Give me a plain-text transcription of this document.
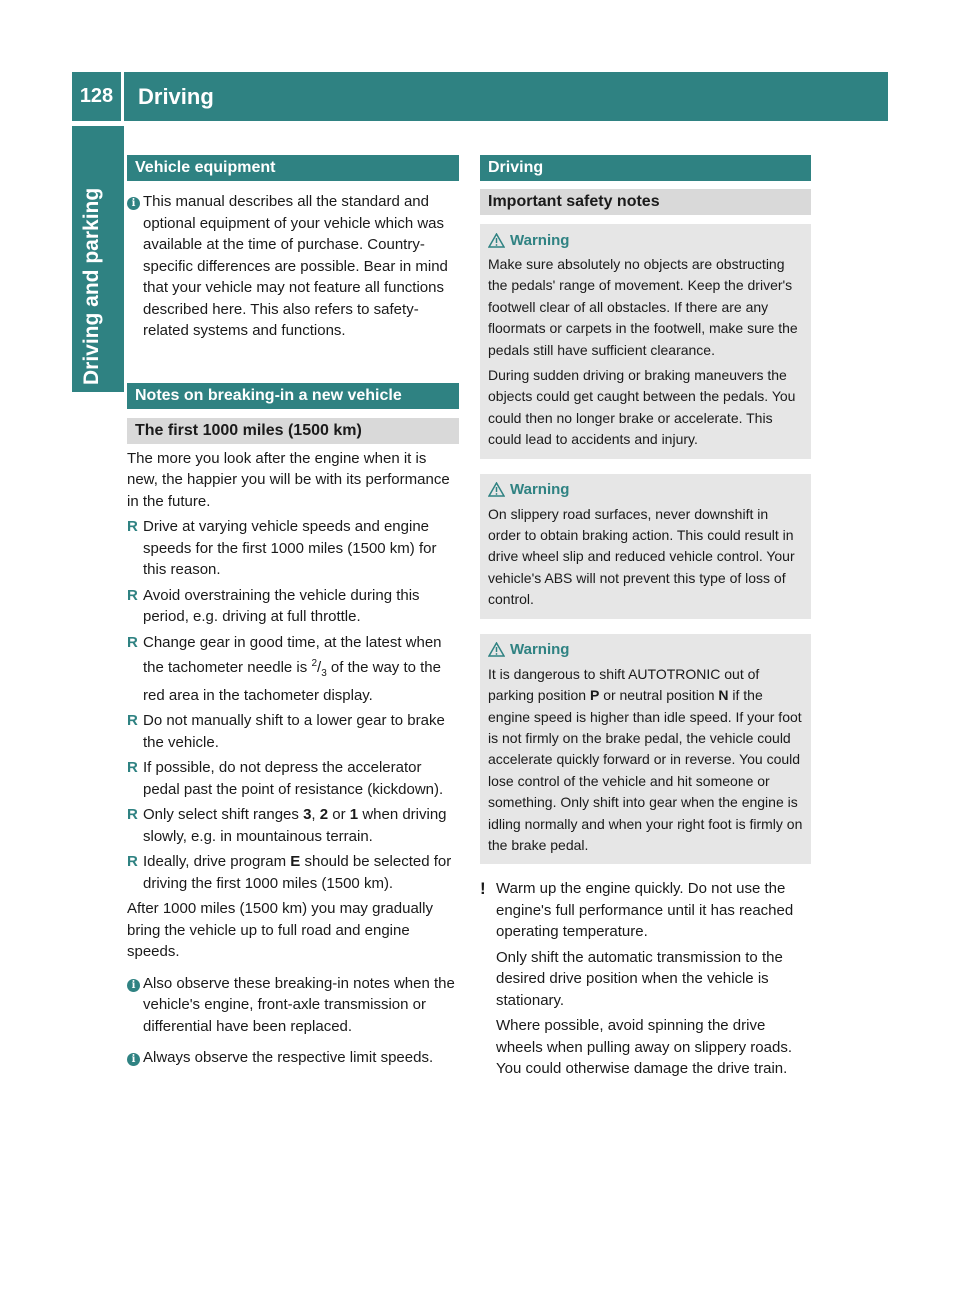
128	Driving
Driving and parking
Vehicle equipment
i This manual describes all the standard and optional equipment of your vehicle which was available at the time of purchase. Country-specific differences are possible. Bear in mind that your vehicle may not feature all functions described here. This also refers to safety-related systems and functions.
Notes on breaking-in a new vehicle
The first 1000 miles (1500 km)

The more you look after the engine when it is new, the happier you will be with its performance in the future.

R Drive at varying vehicle speeds and engine speeds for the first 1000 miles (1500 km) for this reason.
R Avoid overstraining the vehicle during this period, e.g. driving at full throttle.
R Change gear in good time, at the latest when the tachometer needle is $^2/_3$ of the way to the red area in the tachometer display.
R Do not manually shift to a lower gear to brake the vehicle.
R If possible, do not depress the accelerator pedal past the point of resistance (kickdown).
R Only select shift ranges 3, 2 or 1 when driving slowly, e.g. in mountainous terrain.
R Ideally, drive program E should be selected for driving the first 1000 miles (1500 km).

After 1000 miles (1500 km) you may gradually bring the vehicle up to full road and engine speeds.

i Also observe these breaking-in notes when the vehicle's engine, front-axle transmission or differential have been replaced.
i Always observe the respective limit speeds.
Driving
Important safety notes
Warning

Make sure absolutely no objects are obstructing the pedals' range of movement. Keep the driver's footwell clear of all obstacles. If there are any floormats or carpets in the footwell, make sure the pedals still have sufficient clearance.

During sudden driving or braking maneuvers the objects could get caught between the pedals. You could then no longer brake or accelerate. This could lead to accidents and injury.

Warning

On slippery road surfaces, never downshift in order to obtain braking action. This could result in drive wheel slip and reduced vehicle control. Your vehicle's ABS will not prevent this type of loss of control.

Warning

It is dangerous to shift AUTOTRONIC out of parking position P or neutral position N if the engine speed is higher than idle speed. If your foot is not firmly on the brake pedal, the vehicle could accelerate quickly forward or in reverse. You could lose control of the vehicle and hit someone or something. Only shift into gear when the engine is idling normally and when your right foot is firmly on the brake pedal.

! Warm up the engine quickly. Do not use the engine's full performance until it has reached operating temperature.
Only shift the automatic transmission to the desired drive position when the vehicle is stationary.
Where possible, avoid spinning the drive wheels when pulling away on slippery roads. You could otherwise damage the drive train.
